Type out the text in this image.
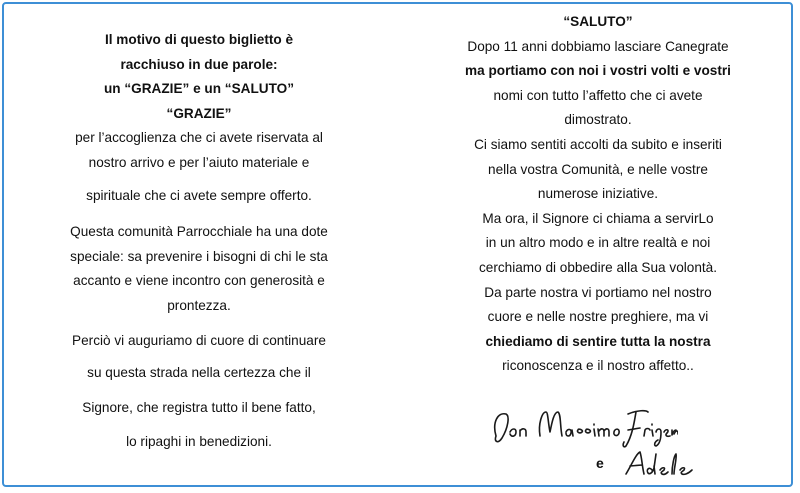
Il motivo di questo biglietto è

racchiuso in due parole:

un “GRAZIE” e un “SALUTO”

“GRAZIE”

per l’accoglienza che ci avete riservata al

nostro arrivo e per l’aiuto materiale e

spirituale che ci avete sempre offerto.

Questa comunità Parrocchiale ha una dote

speciale: sa prevenire i bisogni di chi le sta

accanto e viene incontro con generosità e

prontezza.

Perciò vi auguriamo di cuore di continuare

su questa strada nella certezza che il

Signore, che registra tutto il bene fatto,

lo ripaghi in benedizioni.

“SALUTO”

Dopo 11 anni dobbiamo lasciare Canegrate

ma portiamo con noi i vostri volti e vostri

nomi con tutto l’affetto che ci avete

dimostrato.

Ci siamo sentiti accolti da subito e inseriti

nella vostra Comunità, e nelle vostre

numerose iniziative.

Ma ora, il Signore ci chiama a servirLo

in un altro modo e in altre realtà e noi

cerchiamo di obbedire alla Sua volontà.

Da parte nostra vi portiamo nel nostro

cuore e nelle nostre preghiere, ma vi

chiediamo di sentire tutta la nostra

riconoscenza e il nostro affetto..

e
